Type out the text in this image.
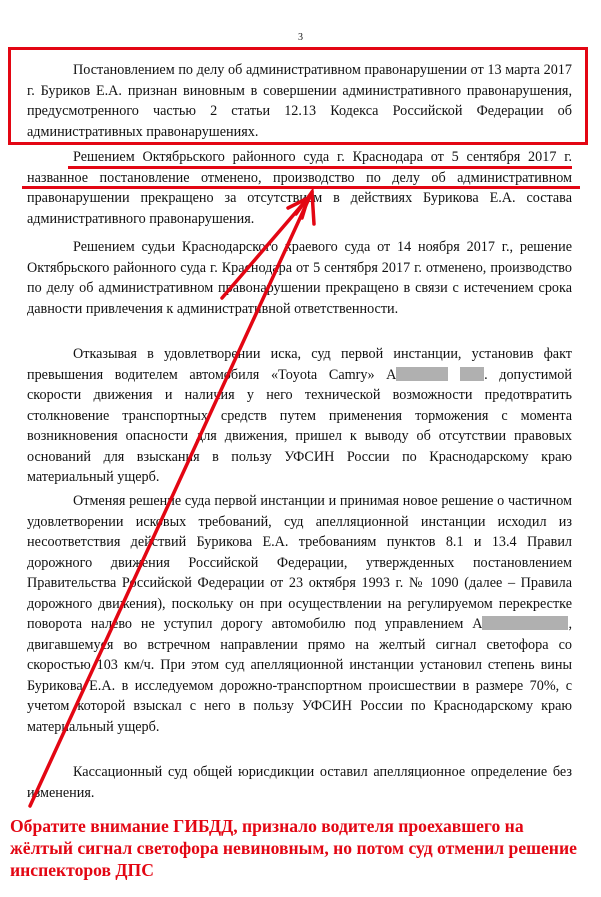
3

Постановлением по делу об административном правонарушении от 13 марта 2017 г. Буриков Е.А. признан виновным в совершении административного правонарушения, предусмотренного частью 2 статьи 12.13 Кодекса Российской Федерации об административных правонарушениях.

Решением Октябрьского районного суда г. Краснодара от 5 сентября 2017 г. названное постановление отменено, производство по делу об административном правонарушении прекращено за отсутствием в действиях Бурикова Е.А. состава административного правонарушения.

Решением судьи Краснодарского краевого суда от 14 ноября 2017 г., решение Октябрьского районного суда г. Краснодара от 5 сентября 2017 г. отменено, производство по делу об административном правонарушении прекращено в связи с истечением срока давности привлечения к административной ответственности.

Отказывая в удовлетворении иска, суд первой инстанции, установив факт превышения водителем автомобиля «Toyota Camry» А	. допустимой скорости движения и наличия у него технической возможности предотвратить столкновение транспортных средств путем применения торможения с момента возникновения опасности для движения, пришел к выводу об отсутствии правовых оснований для взыскания в пользу УФСИН России по Краснодарскому краю материальный ущерб.

Отменяя решение суда первой инстанции и принимая новое решение о частичном удовлетворении исковых требований, суд апелляционной инстанции исходил из несоответствия действий Бурикова Е.А. требованиям пунктов 8.1 и 13.4 Правил дорожного движения Российской Федерации, утвержденных постановлением Правительства Российской Федерации от 23 октября 1993 г. № 1090 (далее – Правила дорожного движения), поскольку он при осуществлении на регулируемом перекрестке поворота налево не уступил дорогу автомобилю под управлением А	, двигавшемуся во встречном направлении прямо на желтый сигнал светофора со скоростью 103 км/ч. При этом суд апелляционной инстанции установил степень вины Бурикова Е.А. в исследуемом дорожно-транспортном происшествии в размере 70%, с учетом которой взыскал с него в пользу УФСИН России по Краснодарскому краю материальный ущерб.

Кассационный суд общей юрисдикции оставил апелляционное определение без изменения.

Обратите внимание ГИБДД, признало водителя проехавшего на жёлтый сигнал светофора невиновным, но потом суд отменил решение инспекторов ДПС
